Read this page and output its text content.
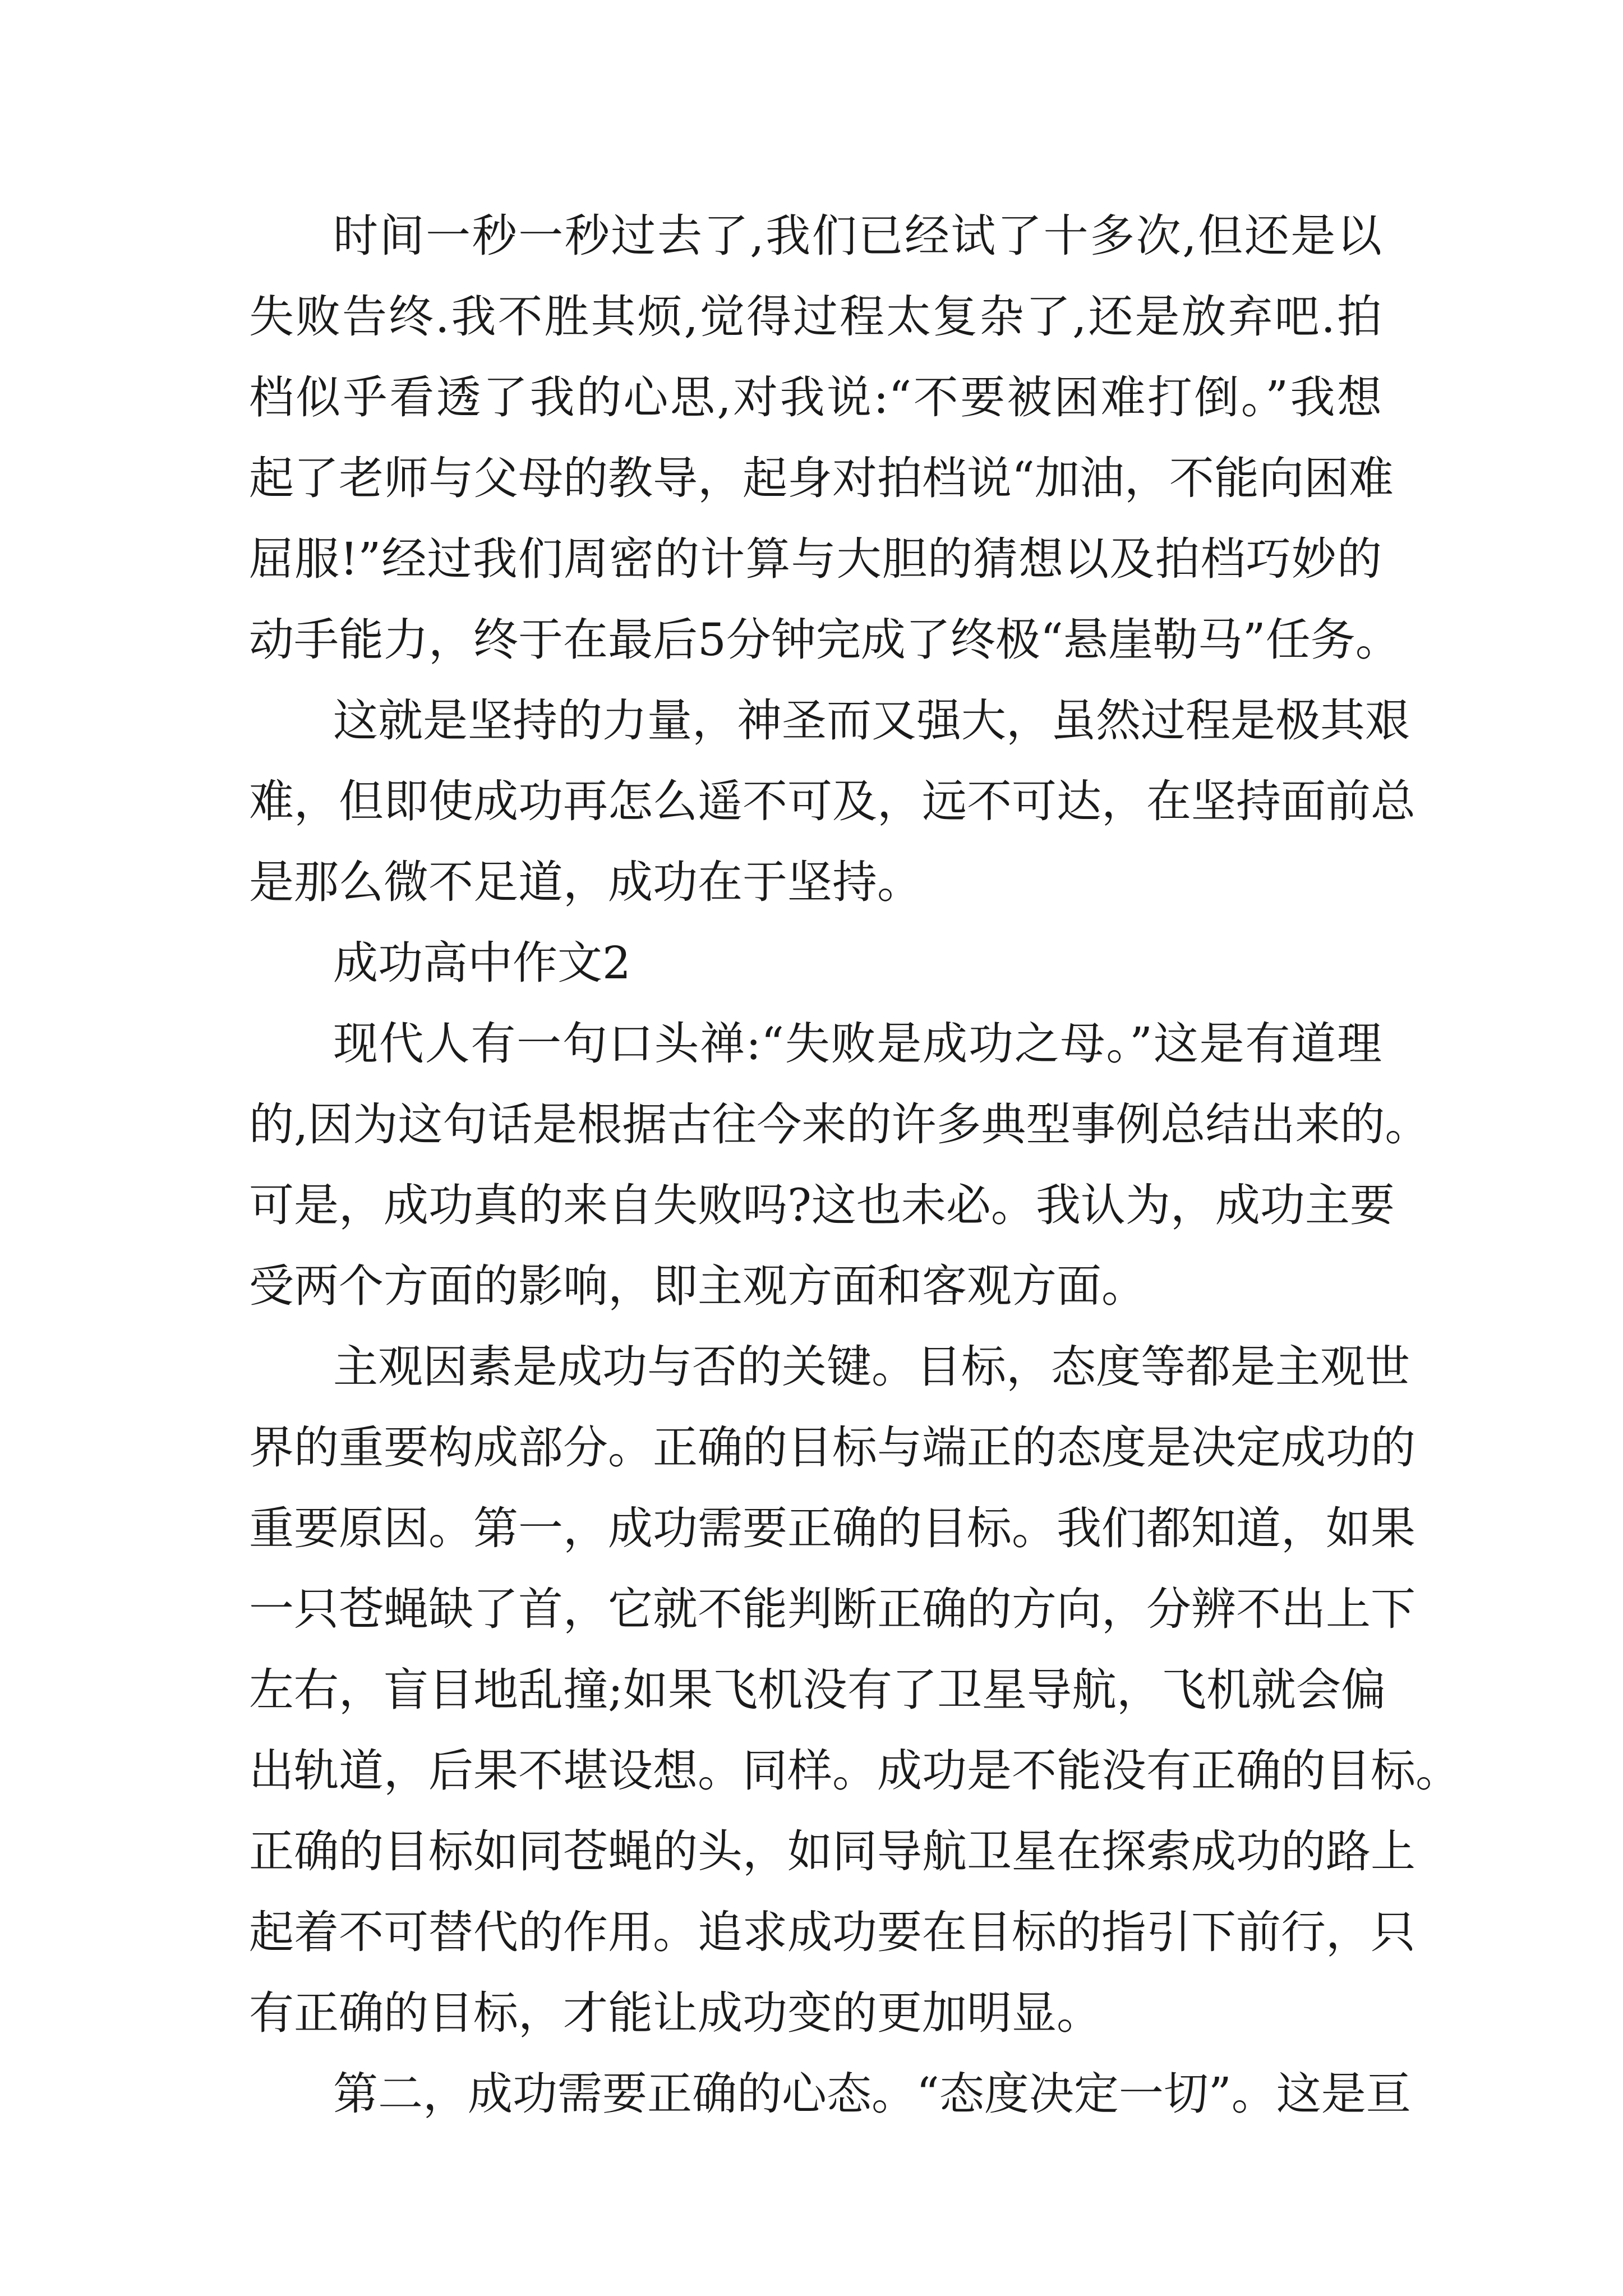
时间一秒一秒过去了,我们已经试了十多次,但还是以
失败告终.我不胜其烦,觉得过程太复杂了,还是放弃吧.拍
档似乎看透了我的心思,对我说:“不要被困难打倒。”我想
起了老师与父母的教导，起身对拍档说“加油，不能向困难
屈服!”经过我们周密的计算与大胆的猜想以及拍档巧妙的
动手能力，终于在最后5分钟完成了终极“悬崖勒马”任务。
这就是坚持的力量，神圣而又强大，虽然过程是极其艰
难，但即使成功再怎么遥不可及，远不可达，在坚持面前总
是那么微不足道，成功在于坚持。
成功高中作文2
现代人有一句口头禅:“失败是成功之母。”这是有道理
的,因为这句话是根据古往今来的许多典型事例总结出来的。
可是，成功真的来自失败吗?这也未必。我认为，成功主要
受两个方面的影响，即主观方面和客观方面。
主观因素是成功与否的关键。目标，态度等都是主观世
界的重要构成部分。正确的目标与端正的态度是决定成功的
重要原因。第一，成功需要正确的目标。我们都知道，如果
一只苍蝇缺了首，它就不能判断正确的方向，分辨不出上下
左右，盲目地乱撞;如果飞机没有了卫星导航，飞机就会偏
出轨道，后果不堪设想。同样。成功是不能没有正确的目标。
正确的目标如同苍蝇的头，如同导航卫星在探索成功的路上
起着不可替代的作用。追求成功要在目标的指引下前行，只
有正确的目标，才能让成功变的更加明显。
第二，成功需要正确的心态。“态度决定一切”。这是亘
